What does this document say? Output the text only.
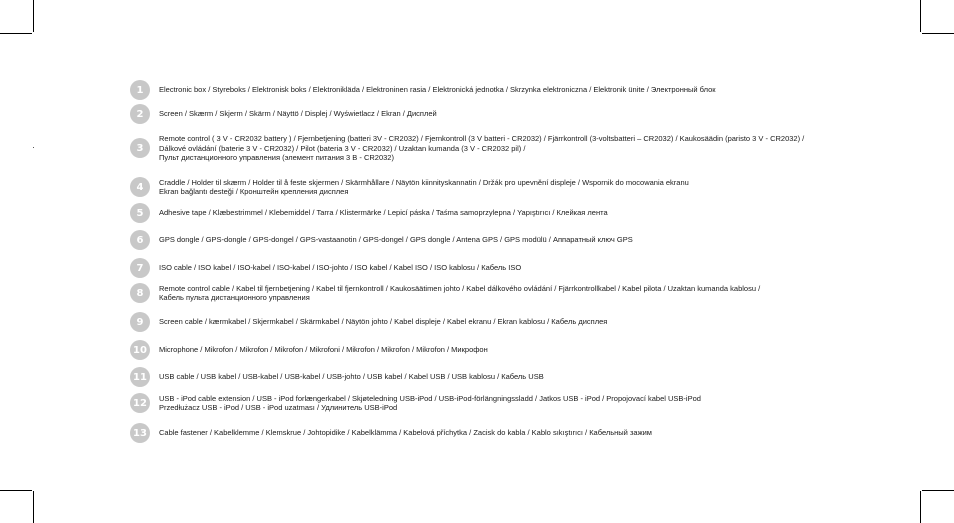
1	Electronic box / Styreboks / Elektronisk boks / Elektronikläda / Elektroninen rasia / Elektronická jednotka / Skrzynka elektroniczna / Elektronik ünite / Электронный блок
2	Screen / Skærm / Skjerm / Skärm / Näyttö / Displej / Wyświetlacz / Ekran / Дисплей
3
Remote control ( 3 V - CR2032 battery ) / Fjernbetjening (batteri 3V - CR2032) / Fjernkontroll (3 V batteri - CR2032) / Fjärrkontroll (3-voltsbatteri – CR2032) / Kaukosäädin (paristo 3 V - CR2032) /
Dálkové ovládání (baterie 3 V - CR2032) / Pilot (bateria 3 V - CR2032) / Uzaktan kumanda (3 V - CR2032 pil) /
Пульт дистанционного управления (элемент питания 3 В - CR2032)
4	Craddle / Holder til skærm / Holder til å feste skjermen / Skärmhållare / Näytön kiinnityskannatin / Držák pro upevnění displeje / Wspornik do mocowania ekranu
Ekran bağlantı desteği / Кронштейн крепления дисплея
5	Adhesive tape / Klæbestrimmel / Klebemiddel / Tarra / Klistermärke / Lepicí páska / Taśma samoprzylepna / Yapıştırıcı / Клейкая лента
6	GPS dongle / GPS-dongle / GPS-dongel / GPS-vastaanotin / GPS-dongel / GPS dongle / Antena GPS / GPS modülü / Аппаратный ключ GPS
7	ISO cable / ISO kabel / ISO-kabel / ISO-kabel / ISO-johto / ISO kabel / Kabel ISO / ISO kablosu / Кабель ISO
8	Remote control cable / Kabel til fjernbetjening / Kabel til fjernkontroll / Kaukosäätimen johto / Kabel dálkového ovládání / Fjärrkontrollkabel / Kabel pilota / Uzaktan kumanda kablosu /
Кабель пульта дистанционного управления
9	Screen cable / kærmkabel / Skjermkabel / Skärmkabel / Näytön johto / Kabel displeje / Kabel ekranu / Ekran kablosu / Кабель дисплея
10	Microphone / Mikrofon / Mikrofon / Mikrofon / Mikrofoni / Mikrofon / Mikrofon / Mikrofon / Микрофон
11	USB cable / USB kabel / USB-kabel / USB-kabel / USB-johto / USB kabel / Kabel USB / USB kablosu / Кабель USB
12	USB - iPod cable extension / USB - iPod forlængerkabel / Skjøteledning USB-iPod / USB-iPod-förlängningssladd / Jatkos USB - iPod / Propojovací kabel USB-iPod
Przedłużacz USB - iPod / USB - iPod uzatması / Удлинитель USB-iPod
13	Cable fastener / Kabelklemme / Klemskrue / Johtopidike / Kabelklämma / Kabelová příchytka / Zacisk do kabla / Kablo sıkıştırıcı / Кабельный зажим
